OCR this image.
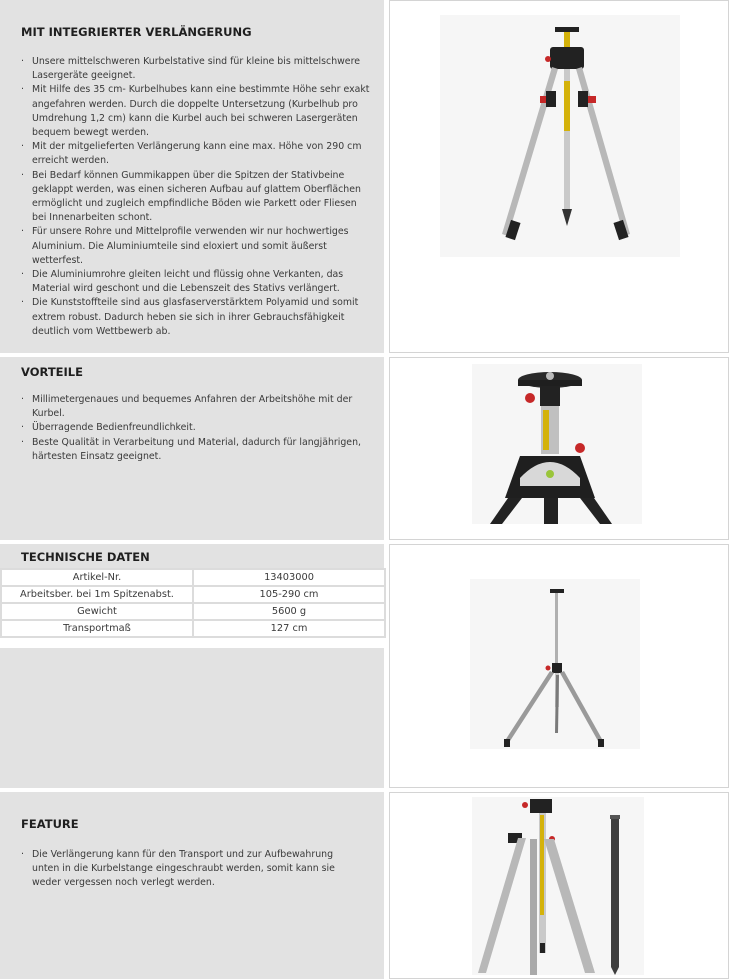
MIT INTEGRIERTER VERLÄNGERUNG
· Unsere mittelschweren Kurbelstative sind für kleine bis mittelschwere Lasergeräte geeignet.
· Mit Hilfe des 35 cm- Kurbelhubes kann eine bestimmte Höhe sehr exakt angefahren werden. Durch die doppelte Untersetzung (Kurbelhub pro Umdrehung 1,2 cm) kann die Kurbel auch bei schweren Lasergeräten bequem bewegt werden.
· Mit der mitgelieferten Verlängerung kann eine max. Höhe von 290 cm erreicht werden.
· Bei Bedarf können Gummikappen über die Spitzen der Stativbeine geklappt werden, was einen sicheren Aufbau auf glattem Oberflächen ermöglicht und zugleich empfindliche Böden wie Parkett oder Fliesen bei Innenarbeiten schont.
· Für unsere Rohre und Mittelprofile verwenden wir nur hochwertiges Aluminium. Die Aluminiumteile sind eloxiert und somit äußerst wetterfest.
· Die Aluminiumrohre gleiten leicht und flüssig ohne Verkanten, das Material wird geschont und die Lebenszeit des Stativs verlängert.
· Die Kunststoffteile sind aus glasfaserverstärktem Polyamid und somit extrem robust. Dadurch heben sie sich in ihrer Gebrauchsfähigkeit deutlich vom Wettbewerb ab.
VORTEILE
· Millimetergenaues und bequemes Anfahren der Arbeitshöhe mit der Kurbel.
· Überragende Bedienfreundlichkeit.
· Beste Qualität in Verarbeitung und Material, dadurch für langjährigen, härtesten Einsatz geeignet.
TECHNISCHE DATEN
Artikel-Nr.	13403000
Arbeitsber. bei 1m Spitzenabst.	105-290 cm
Gewicht	5600 g
Transportmaß	127 cm
FEATURE
· Die Verlängerung kann für den Transport und zur Aufbewahrung unten in die Kurbelstange eingeschraubt werden, somit kann sie weder vergessen noch verlegt werden.
